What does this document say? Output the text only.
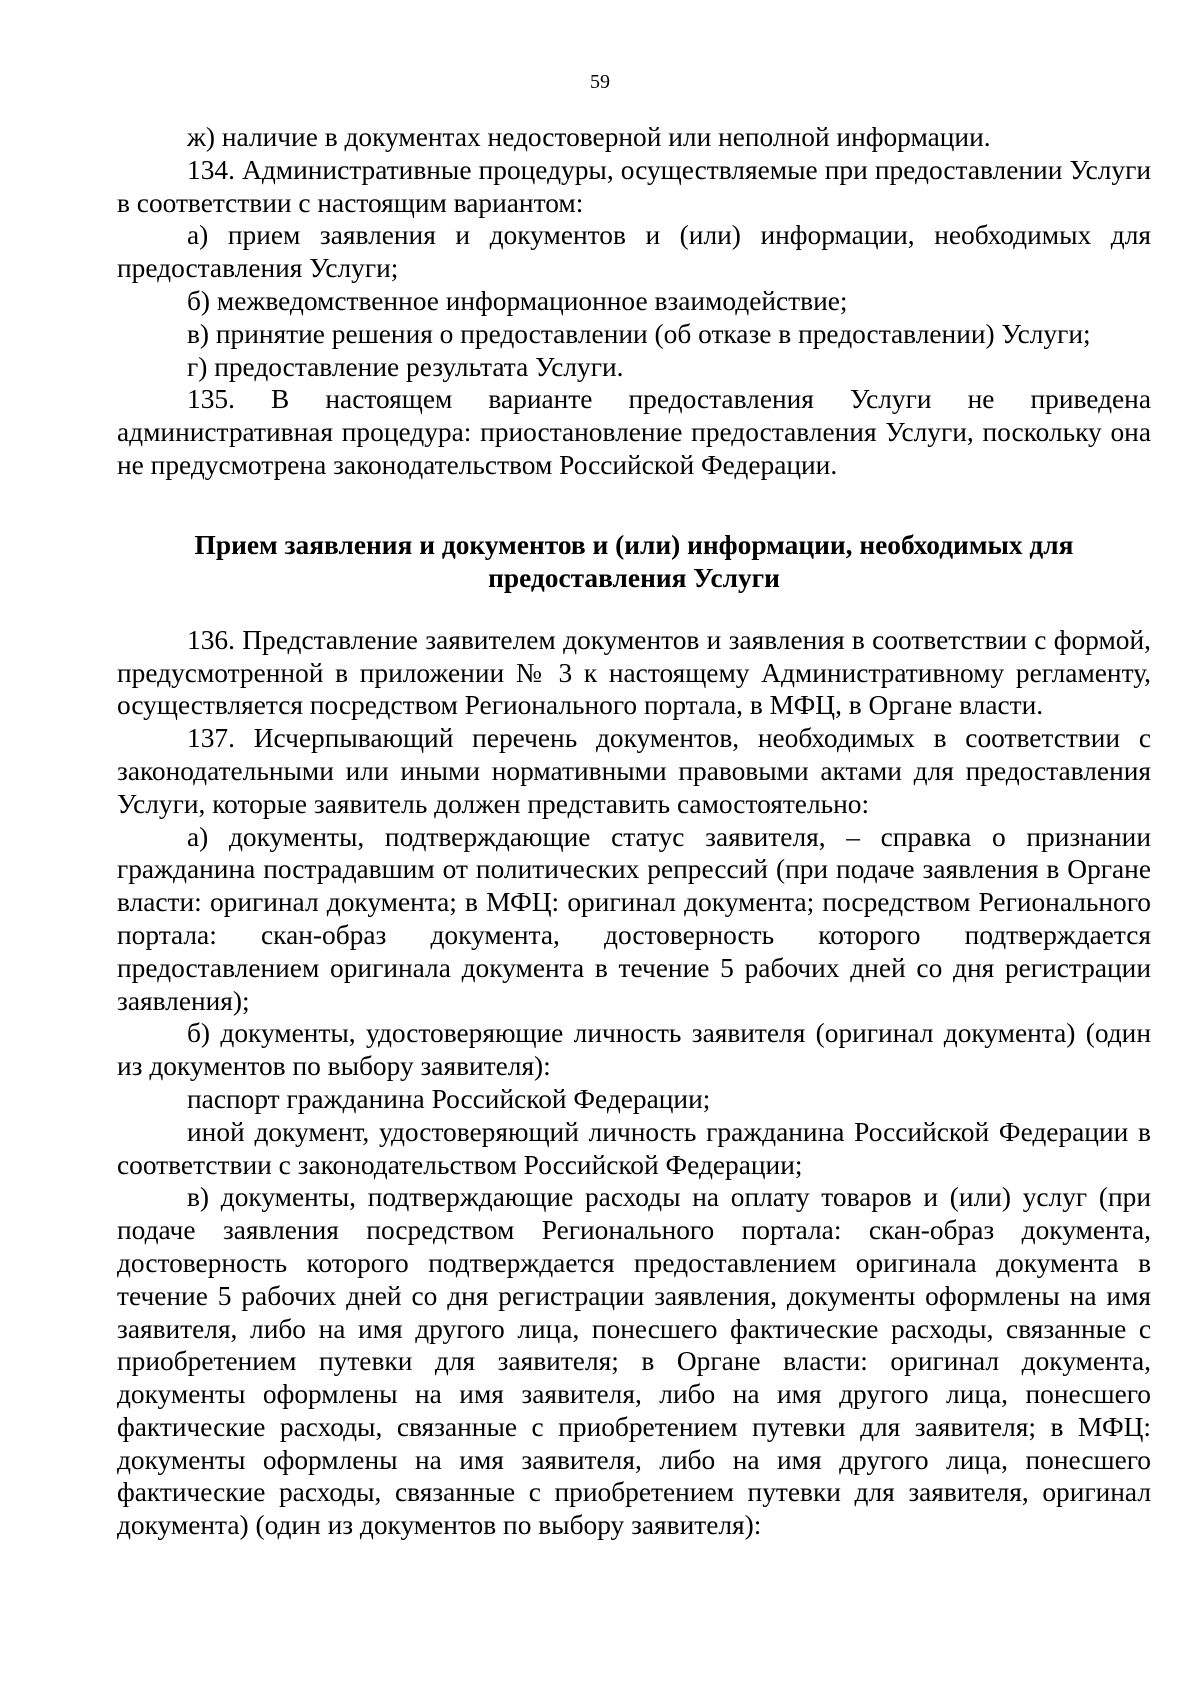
59

ж) наличие в документах недостоверной или неполной информации.

134. Административные процедуры, осуществляемые при предоставлении Услуги в соответствии с настоящим вариантом:

а) прием заявления и документов и (или) информации, необходимых для предоставления Услуги;

б) межведомственное информационное взаимодействие;

в) принятие решения о предоставлении (об отказе в предоставлении) Услуги;

г) предоставление результата Услуги.

135. В настоящем варианте предоставления Услуги не приведена административная процедура: приостановление предоставления Услуги, поскольку она не предусмотрена законодательством Российской Федерации.

Прием заявления и документов и (или) информации, необходимых для
предоставления Услуги

136. Представление заявителем документов и заявления в соответствии с формой, предусмотренной в приложении № 3 к настоящему Административному регламенту, осуществляется посредством Регионального портала, в МФЦ, в Органе власти.

137. Исчерпывающий перечень документов, необходимых в соответствии с законодательными или иными нормативными правовыми актами для предоставления Услуги, которые заявитель должен представить самостоятельно:

а) документы, подтверждающие статус заявителя, – справка о признании гражданина пострадавшим от политических репрессий (при подаче заявления в Органе власти: оригинал документа; в МФЦ: оригинал документа; посредством Регионального портала: скан-образ документа, достоверность которого подтверждается предоставлением оригинала документа в течение 5 рабочих дней со дня регистрации заявления);

б) документы, удостоверяющие личность заявителя (оригинал документа) (один из документов по выбору заявителя):

паспорт гражданина Российской Федерации;

иной документ, удостоверяющий личность гражданина Российской Федерации в соответствии с законодательством Российской Федерации;

в) документы, подтверждающие расходы на оплату товаров и (или) услуг (при подаче заявления посредством Регионального портала: скан-образ документа, достоверность которого подтверждается предоставлением оригинала документа в течение 5 рабочих дней со дня регистрации заявления, документы оформлены на имя заявителя, либо на имя другого лица, понесшего фактические расходы, связанные с приобретением путевки для заявителя; в Органе власти: оригинал документа, документы оформлены на имя заявителя, либо на имя другого лица, понесшего фактические расходы, связанные с приобретением путевки для заявителя; в МФЦ: документы оформлены на имя заявителя, либо на имя другого лица, понесшего фактические расходы, связанные с приобретением путевки для заявителя, оригинал документа) (один из документов по выбору заявителя):
